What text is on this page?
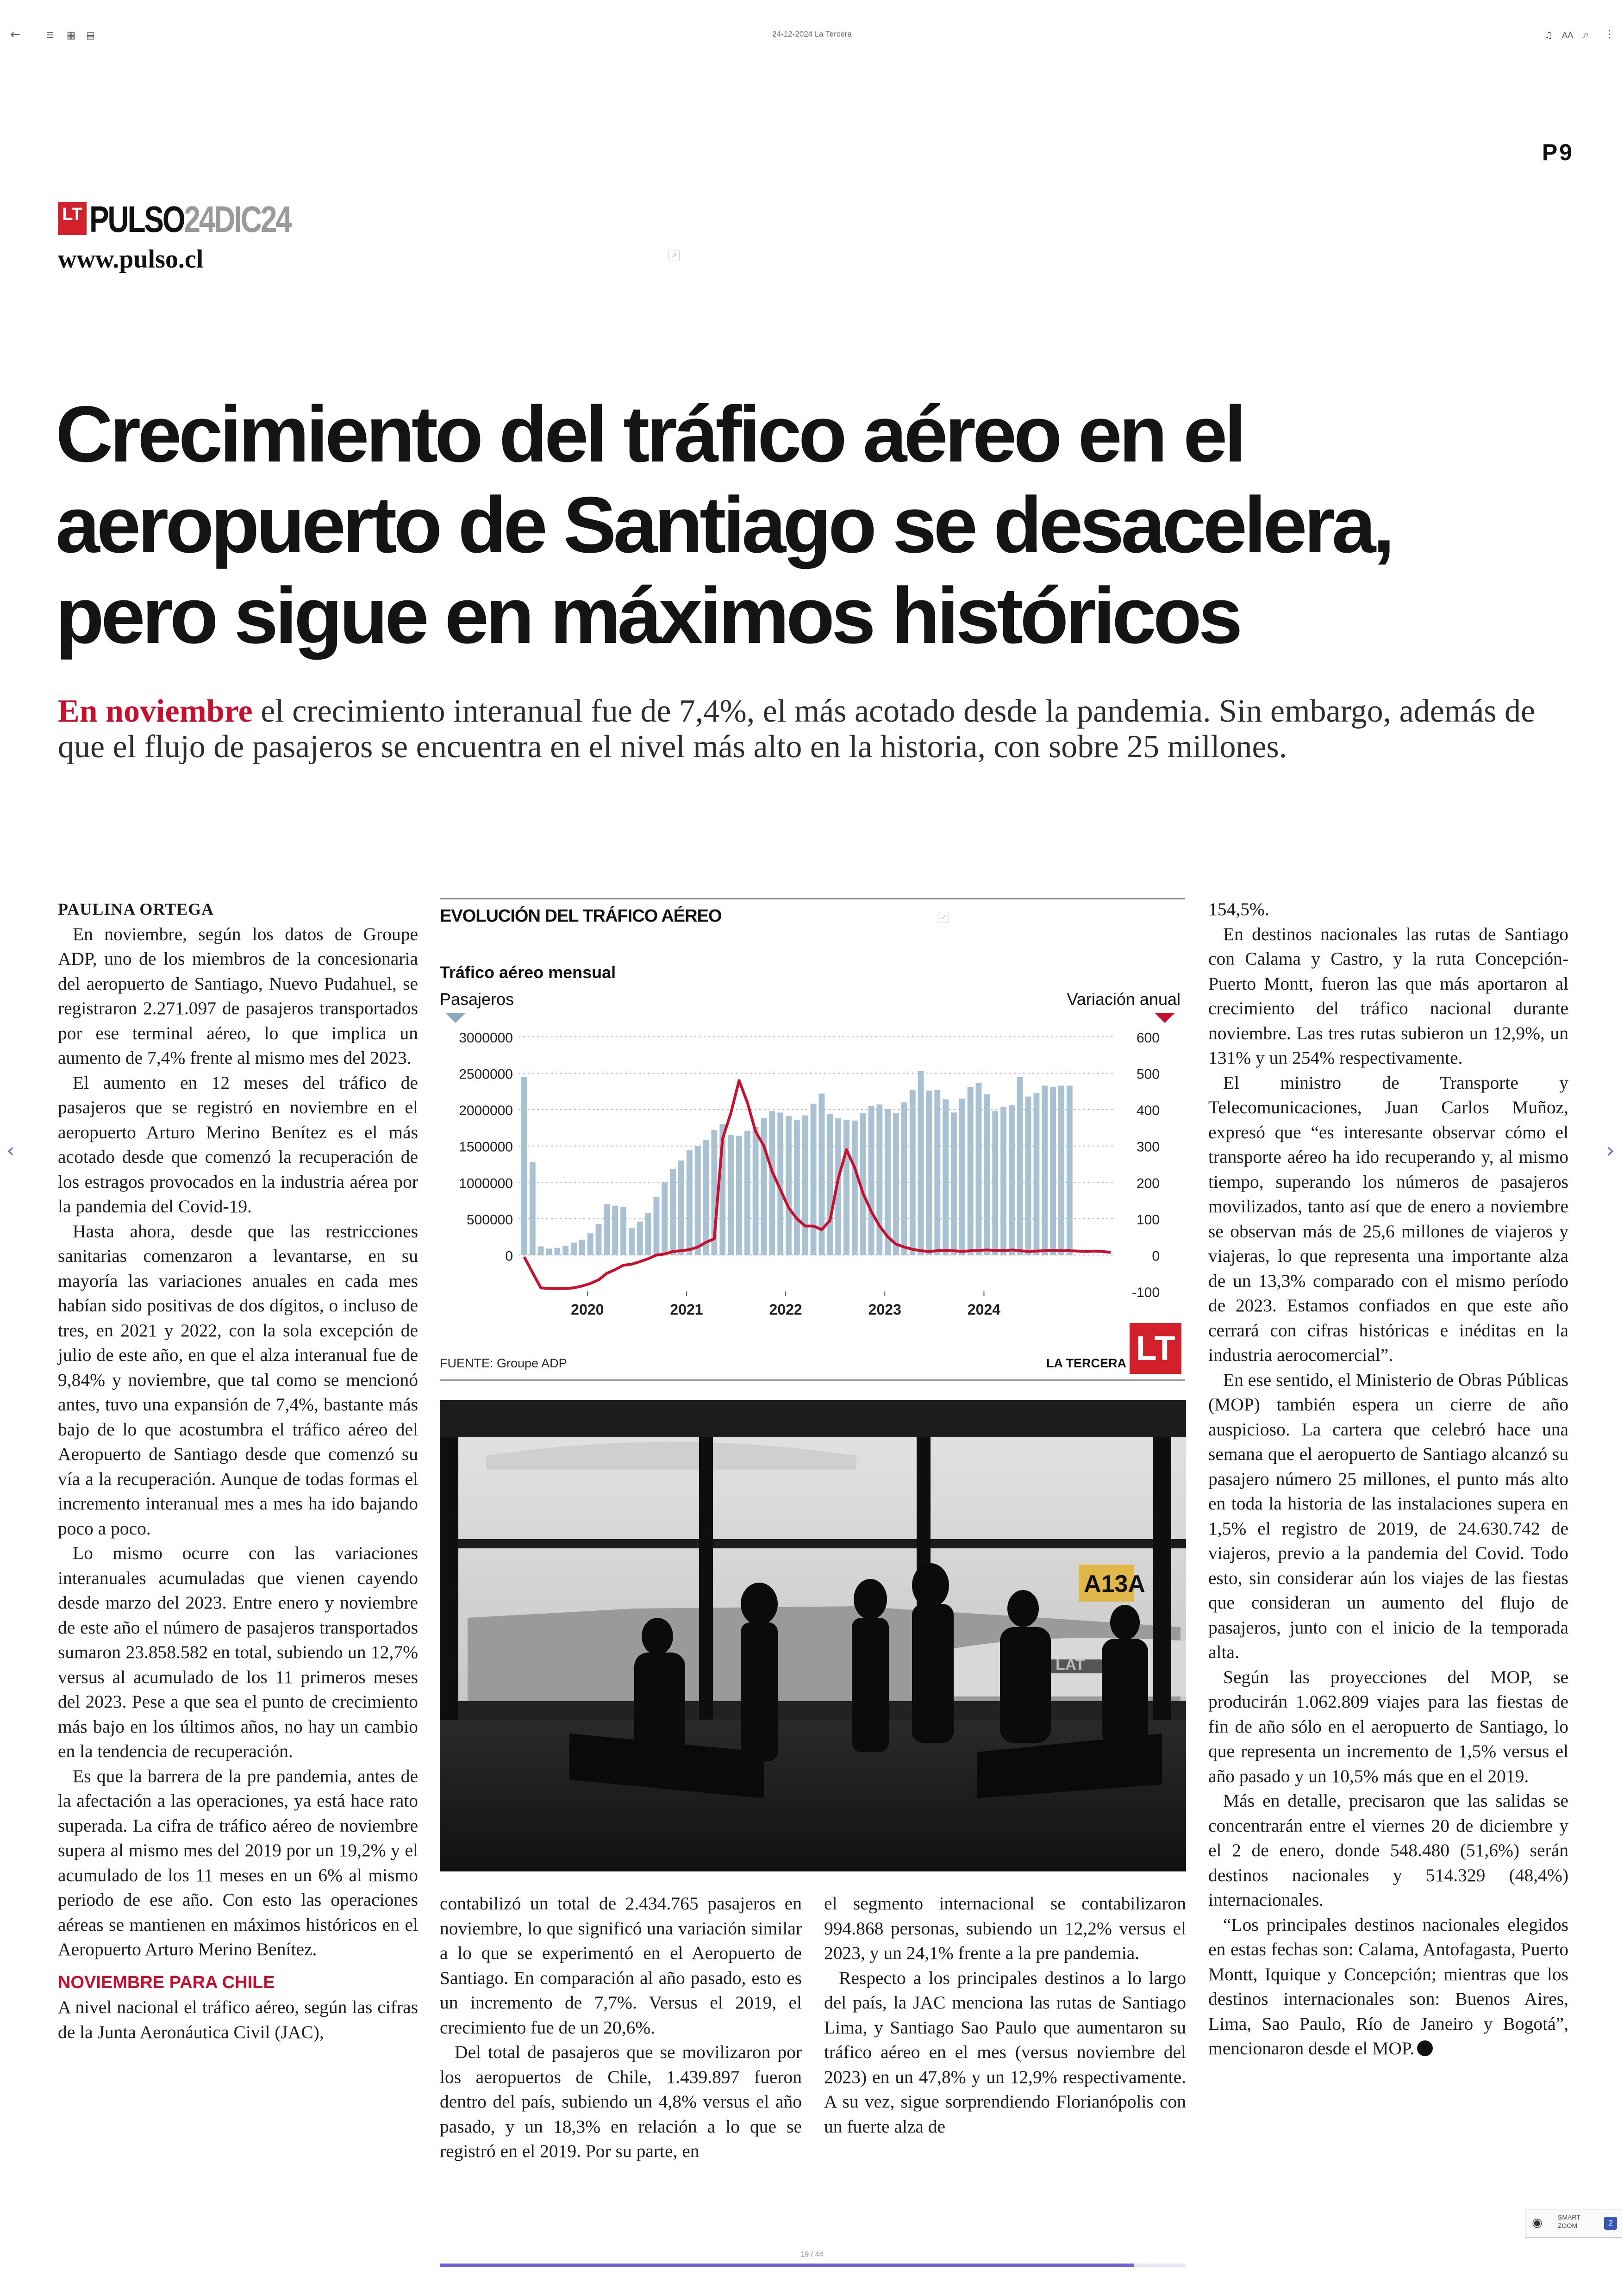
←	☰ ▦ ▤	24-12-2024 La Tercera	♫ AA ⌕ ⋮
P9
LT PULSO24DIC24
www.pulso.cl	↗
Crecimiento del tráfico aéreo en el
aeropuerto de Santiago se desacelera,
pero sigue en máximos históricos

En noviembre el crecimiento interanual fue de 7,4%, el más acotado desde la pandemia. Sin embargo, además de que el flujo de pasajeros se encuentra en el nivel más alto en la historia, con sobre 25 millones.

PAULINA ORTEGA

En noviembre, según los datos de Groupe ADP, uno de los miembros de la concesionaria del aeropuerto de Santiago, Nuevo Pudahuel, se registraron 2.271.097 de pasajeros transportados por ese terminal aéreo, lo que implica un aumento de 7,4% frente al mismo mes del 2023.

El aumento en 12 meses del tráfico de pasajeros que se registró en noviembre en el aeropuerto Arturo Merino Benítez es el más acotado desde que comenzó la recuperación de los estragos provocados en la industria aérea por la pandemia del Covid-19.

Hasta ahora, desde que las restricciones sanitarias comenzaron a levantarse, en su mayoría las variaciones anuales en cada mes habían sido positivas de dos dígitos, o incluso de tres, en 2021 y 2022, con la sola excepción de julio de este año, en que el alza interanual fue de 9,84% y noviembre, que tal como se mencionó antes, tuvo una expansión de 7,4%, bastante más bajo de lo que acostumbra el tráfico aéreo del Aeropuerto de Santiago desde que comenzó su vía a la recuperación. Aunque de todas formas el incremento interanual mes a mes ha ido bajando poco a poco.

Lo mismo ocurre con las variaciones interanuales acumuladas que vienen cayendo desde marzo del 2023. Entre enero y noviembre de este año el número de pasajeros transportados sumaron 23.858.582 en total, subiendo un 12,7% versus al acumulado de los 11 primeros meses del 2023. Pese a que sea el punto de crecimiento más bajo en los últimos años, no hay un cambio en la tendencia de recuperación.

Es que la barrera de la pre pandemia, antes de la afectación a las operaciones, ya está hace rato superada. La cifra de tráfico aéreo de noviembre supera al mismo mes del 2019 por un 19,2% y el acumulado de los 11 meses en un 6% al mismo periodo de ese año. Con esto las operaciones aéreas se mantienen en máximos históricos en el Aeropuerto Arturo Merino Benítez.

NOVIEMBRE PARA CHILE

A nivel nacional el tráfico aéreo, según las cifras de la Junta Aeronáutica Civil (JAC),

EVOLUCIÓN DEL TRÁFICO AÉREO	↗
Tráfico aéreo mensual
Pasajeros	Variación anual
0
500000
1000000
1500000
2000000
2500000
3000000
-100
0
100
200
300
400
500
600
2020	2021	2022	2023	2024
FUENTE: Groupe ADP	LA TERCERA LT
A13A
LAT

contabilizó un total de 2.434.765 pasajeros en noviembre, lo que significó una variación similar a lo que se experimentó en el Aeropuerto de Santiago. En comparación al año pasado, esto es un incremento de 7,7%. Versus el 2019, el crecimiento fue de un 20,6%.

Del total de pasajeros que se movilizaron por los aeropuertos de Chile, 1.439.897 fueron dentro del país, subiendo un 4,8% versus el año pasado, y un 18,3% en relación a lo que se registró en el 2019. Por su parte, en

el segmento internacional se contabilizaron 994.868 personas, subiendo un 12,2% versus el 2023, y un 24,1% frente a la pre pandemia.

Respecto a los principales destinos a lo largo del país, la JAC menciona las rutas de Santiago Lima, y Santiago Sao Paulo que aumentaron su tráfico aéreo en el mes (versus noviembre del 2023) en un 47,8% y un 12,9% respectivamente. A su vez, sigue sorprendiendo Florianópolis con un fuerte alza de

154,5%.

En destinos nacionales las rutas de Santiago con Calama y Castro, y la ruta Concepción-Puerto Montt, fueron las que más aportaron al crecimiento del tráfico nacional durante noviembre. Las tres rutas subieron un 12,9%, un 131% y un 254% respectivamente.

El ministro de Transporte y Telecomunicaciones, Juan Carlos Muñoz, expresó que “es interesante observar cómo el transporte aéreo ha ido recuperando y, al mismo tiempo, superando los números de pasajeros movilizados, tanto así que de enero a noviembre se observan más de 25,6 millones de viajeros y viajeras, lo que representa una importante alza de un 13,3% comparado con el mismo período de 2023. Estamos confiados en que este año cerrará con cifras históricas e inéditas en la industria aerocomercial”.

En ese sentido, el Ministerio de Obras Públicas (MOP) también espera un cierre de año auspicioso. La cartera que celebró hace una semana que el aeropuerto de Santiago alcanzó su pasajero número 25 millones, el punto más alto en toda la historia de las instalaciones supera en 1,5% el registro de 2019, de 24.630.742 de viajeros, previo a la pandemia del Covid. Todo esto, sin considerar aún los viajes de las fiestas que consideran un aumento del flujo de pasajeros, junto con el inicio de la temporada alta.

Según las proyecciones del MOP, se producirán 1.062.809 viajes para las fiestas de fin de año sólo en el aeropuerto de Santiago, lo que representa un incremento de 1,5% versus el año pasado y un 10,5% más que en el 2019.

Más en detalle, precisaron que las salidas se concentrarán entre el viernes 20 de diciembre y el 2 de enero, donde 548.480 (51,6%) serán destinos nacionales y 514.329 (48,4%) internacionales.

“Los principales destinos nacionales elegidos en estas fechas son: Calama, Antofagasta, Puerto Montt, Iquique y Concepción; mientras que los destinos internacionales son: Buenos Aires, Lima, Sao Paulo, Río de Janeiro y Bogotá”, mencionaron desde el MOP.

‹	›
19 / 44
◉ SMART ZOOM	2
